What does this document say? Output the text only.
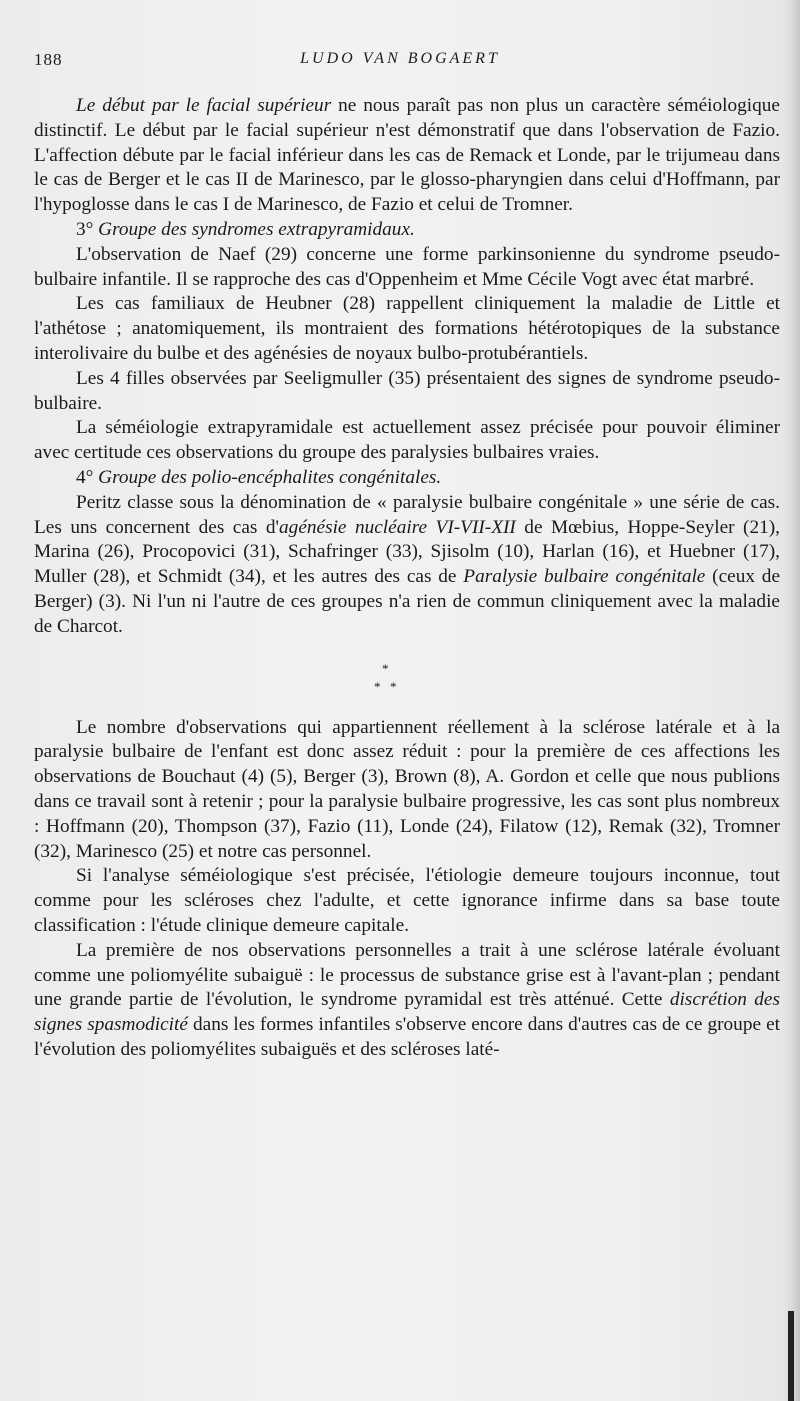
188	LUDO VAN BOGAERT

Le début par le facial supérieur ne nous paraît pas non plus un caractère séméiologique distinctif. Le début par le facial supérieur n'est démonstratif que dans l'observation de Fazio. L'affection débute par le facial inférieur dans les cas de Remack et Londe, par le trijumeau dans le cas de Berger et le cas II de Marinesco, par le glosso-pharyngien dans celui d'Hoffmann, par l'hypoglosse dans le cas I de Marinesco, de Fazio et celui de Tromner.

3° Groupe des syndromes extrapyramidaux.

L'observation de Naef (29) concerne une forme parkinsonienne du syndrome pseudo-bulbaire infantile. Il se rapproche des cas d'Oppenheim et Mme Cécile Vogt avec état marbré.

Les cas familiaux de Heubner (28) rappellent cliniquement la maladie de Little et l'athétose ; anatomiquement, ils montraient des formations hétérotopiques de la substance interolivaire du bulbe et des agénésies de noyaux bulbo-protubérantiels.

Les 4 filles observées par Seeligmuller (35) présentaient des signes de syndrome pseudo-bulbaire.

La séméiologie extrapyramidale est actuellement assez précisée pour pouvoir éliminer avec certitude ces observations du groupe des paralysies bulbaires vraies.

4° Groupe des polio-encéphalites congénitales.

Peritz classe sous la dénomination de « paralysie bulbaire congénitale » une série de cas. Les uns concernent des cas d'agénésie nucléaire VI-VII-XII de Mœbius, Hoppe-Seyler (21), Marina (26), Procopovici (31), Schafringer (33), Sjisolm (10), Harlan (16), et Huebner (17), Muller (28), et Schmidt (34), et les autres des cas de Paralysie bulbaire congénitale (ceux de Berger) (3). Ni l'un ni l'autre de ces groupes n'a rien de commun cliniquement avec la maladie de Charcot.

*
* *

Le nombre d'observations qui appartiennent réellement à la sclérose latérale et à la paralysie bulbaire de l'enfant est donc assez réduit : pour la première de ces affections les observations de Bouchaut (4) (5), Berger (3), Brown (8), A. Gordon et celle que nous publions dans ce travail sont à retenir ; pour la paralysie bulbaire progressive, les cas sont plus nombreux : Hoffmann (20), Thompson (37), Fazio (11), Londe (24), Filatow (12), Remak (32), Tromner (32), Marinesco (25) et notre cas personnel.

Si l'analyse séméiologique s'est précisée, l'étiologie demeure toujours inconnue, tout comme pour les scléroses chez l'adulte, et cette ignorance infirme dans sa base toute classification : l'étude clinique demeure capitale.

La première de nos observations personnelles a trait à une sclérose latérale évoluant comme une poliomyélite subaiguë : le processus de substance grise est à l'avant-plan ; pendant une grande partie de l'évolution, le syndrome pyramidal est très atténué. Cette discrétion des signes spasmodicité dans les formes infantiles s'observe encore dans d'autres cas de ce groupe et l'évolution des poliomyélites subaiguës et des scléroses laté-
